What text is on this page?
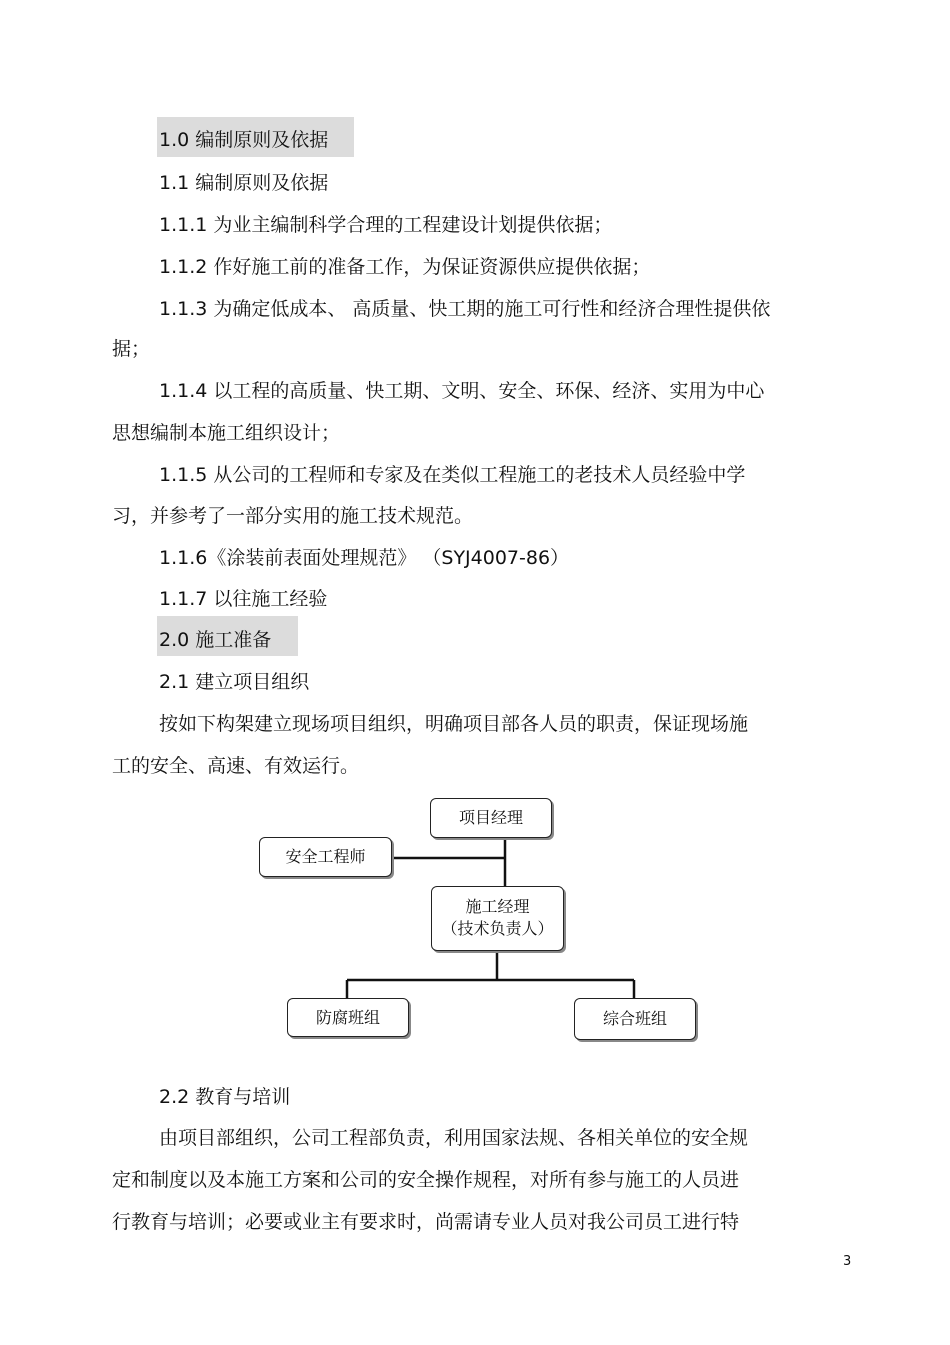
1.0 编制原则及依据
1.1 编制原则及依据
1.1.1 为业主编制科学合理的工程建设计划提供依据；
1.1.2 作好施工前的准备工作，为保证资源供应提供依据；
1.1.3 为确定低成本、 高质量、快工期的施工可行性和经济合理性提供依
据；
1.1.4 以工程的高质量、快工期、文明、安全、环保、经济、实用为中心
思想编制本施工组织设计；
1.1.5 从公司的工程师和专家及在类似工程施工的老技术人员经验中学
习，并参考了一部分实用的施工技术规范。
1.1.6《涂装前表面处理规范》 （SYJ4007-86）
1.1.7 以往施工经验
2.0 施工准备
2.1 建立项目组织
按如下构架建立现场项目组织，明确项目部各人员的职责，保证现场施
工的安全、高速、有效运行。
项目经理
安全工程师
施工经理
（技术负责人）
防腐班组	综合班组
2.2 教育与培训
由项目部组织，公司工程部负责，利用国家法规、各相关单位的安全规
定和制度以及本施工方案和公司的安全操作规程，对所有参与施工的人员进
行教育与培训；必要或业主有要求时，尚需请专业人员对我公司员工进行特
3
